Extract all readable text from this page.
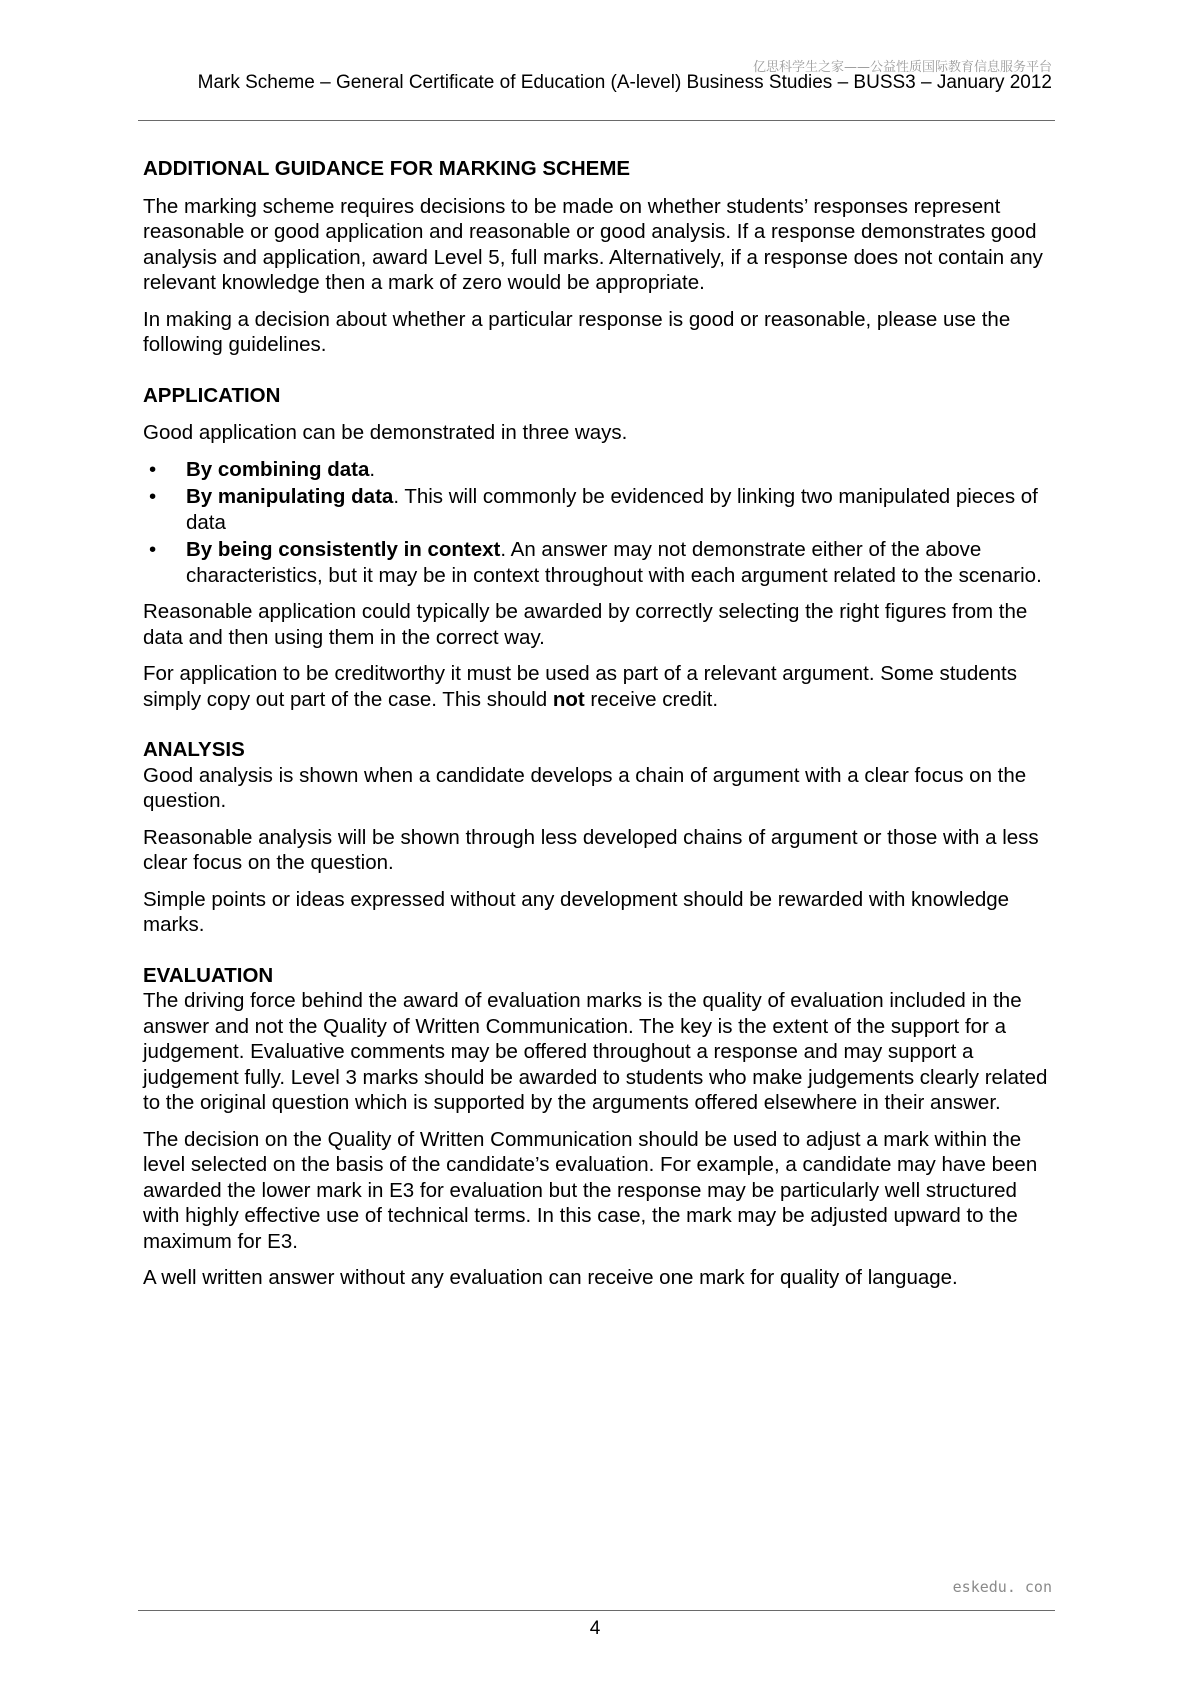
亿思科学生之家——公益性质国际教育信息服务平台
Mark Scheme – General Certificate of Education (A-level) Business Studies – BUSS3 – January 2012
ADDITIONAL GUIDANCE FOR MARKING SCHEME

The marking scheme requires decisions to be made on whether students’ responses represent reasonable or good application and reasonable or good analysis. If a response demonstrates good analysis and application, award Level 5, full marks. Alternatively, if a response does not contain any relevant knowledge then a mark of zero would be appropriate.

In making a decision about whether a particular response is good or reasonable, please use the following guidelines.

APPLICATION

Good application can be demonstrated in three ways.

• By combining data.
• By manipulating data. This will commonly be evidenced by linking two manipulated pieces of data
• By being consistently in context. An answer may not demonstrate either of the above characteristics, but it may be in context throughout with each argument related to the scenario.

Reasonable application could typically be awarded by correctly selecting the right figures from the data and then using them in the correct way.

For application to be creditworthy it must be used as part of a relevant argument. Some students simply copy out part of the case. This should not receive credit.

ANALYSIS

Good analysis is shown when a candidate develops a chain of argument with a clear focus on the question.

Reasonable analysis will be shown through less developed chains of argument or those with a less clear focus on the question.

Simple points or ideas expressed without any development should be rewarded with knowledge marks.

EVALUATION

The driving force behind the award of evaluation marks is the quality of evaluation included in the answer and not the Quality of Written Communication. The key is the extent of the support for a judgement. Evaluative comments may be offered throughout a response and may support a judgement fully. Level 3 marks should be awarded to students who make judgements clearly related to the original question which is supported by the arguments offered elsewhere in their answer.

The decision on the Quality of Written Communication should be used to adjust a mark within the level selected on the basis of the candidate’s evaluation. For example, a candidate may have been awarded the lower mark in E3 for evaluation but the response may be particularly well structured with highly effective use of technical terms. In this case, the mark may be adjusted upward to the maximum for E3.

A well written answer without any evaluation can receive one mark for quality of language.

eskedu. con
4
